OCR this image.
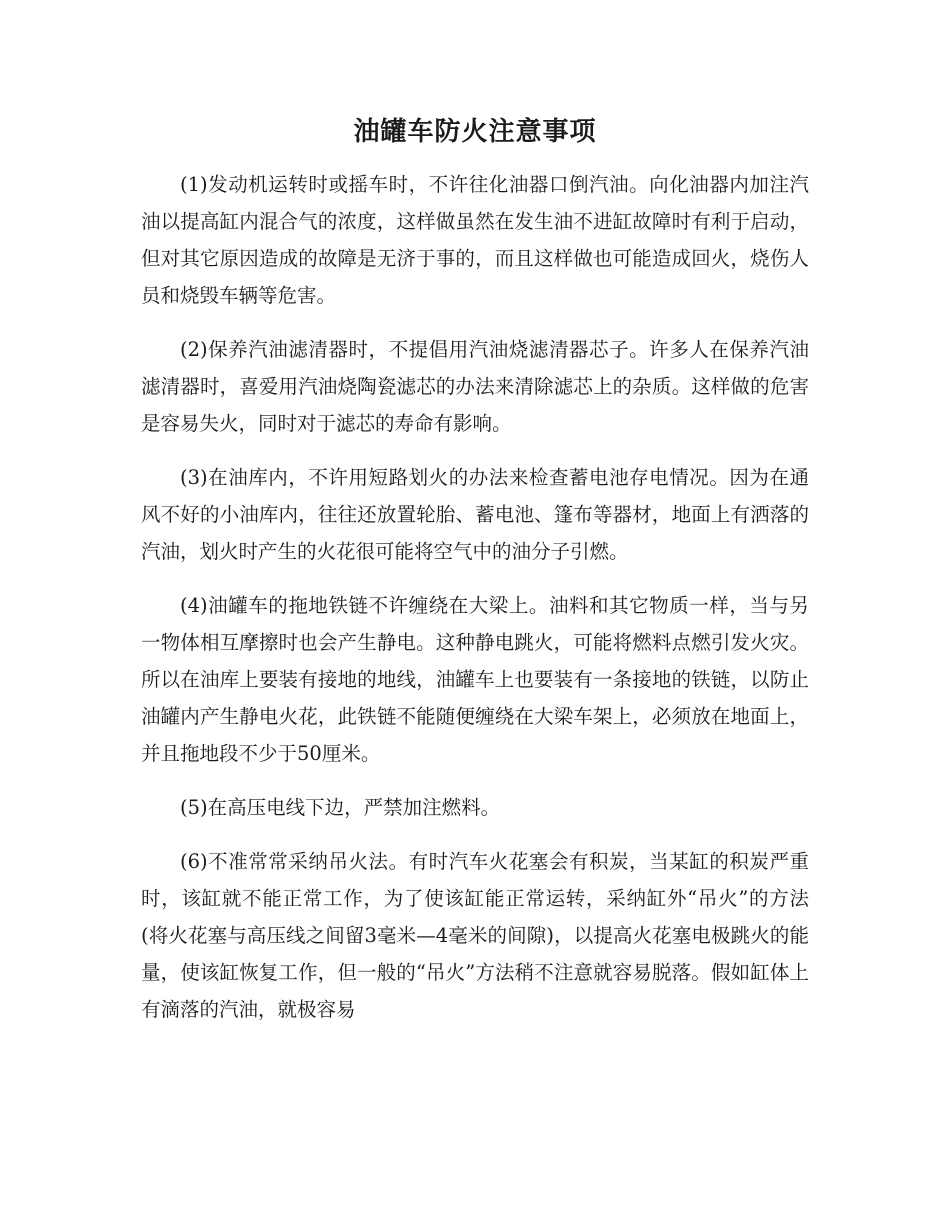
油罐车防火注意事项

(1)发动机运转时或摇车时，不许往化油器口倒汽油。向化油器内加注汽油以提高缸内混合气的浓度，这样做虽然在发生油不进缸故障时有利于启动，但对其它原因造成的故障是无济于事的，而且这样做也可能造成回火，烧伤人员和烧毁车辆等危害。

(2)保养汽油滤清器时，不提倡用汽油烧滤清器芯子。许多人在保养汽油滤清器时，喜爱用汽油烧陶瓷滤芯的办法来清除滤芯上的杂质。这样做的危害是容易失火，同时对于滤芯的寿命有影响。

(3)在油库内，不许用短路划火的办法来检查蓄电池存电情况。因为在通风不好的小油库内，往往还放置轮胎、蓄电池、篷布等器材，地面上有洒落的汽油，划火时产生的火花很可能将空气中的油分子引燃。

(4)油罐车的拖地铁链不许缠绕在大梁上。油料和其它物质一样，当与另一物体相互摩擦时也会产生静电。这种静电跳火，可能将燃料点燃引发火灾。所以在油库上要装有接地的地线，油罐车上也要装有一条接地的铁链，以防止油罐内产生静电火花，此铁链不能随便缠绕在大梁车架上，必须放在地面上，并且拖地段不少于50厘米。

(5)在高压电线下边，严禁加注燃料。

(6)不准常常采纳吊火法。有时汽车火花塞会有积炭，当某缸的积炭严重时，该缸就不能正常工作，为了使该缸能正常运转，采纳缸外“吊火”的方法(将火花塞与高压线之间留3毫米—4毫米的间隙)，以提高火花塞电极跳火的能量，使该缸恢复工作，但一般的“吊火”方法稍不注意就容易脱落。假如缸体上有滴落的汽油，就极容易
